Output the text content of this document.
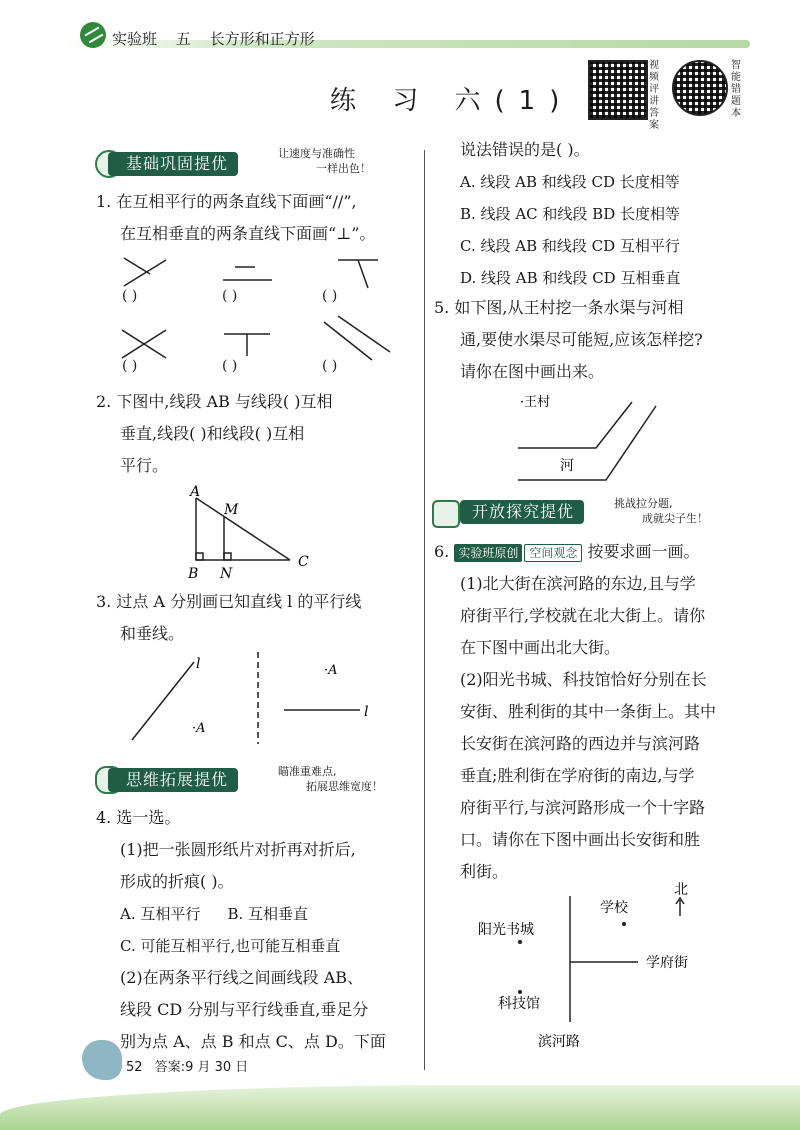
实验班 五 长方形和正方形
练 习 六(1)
视频评讲答案
智能错题本
基础巩固提优
让速度与准确性
一样出色！
1. 在互相平行的两条直线下面画“//”,
在互相垂直的两条直线下面画“⊥”。
( )	( )	( )
( )	( )	( )
2. 下图中,线段 AB 与线段( )互相
垂直,线段( )和线段( )互相
平行。
A
M
B N
C
3. 过点 A 分别画已知直线 l 的平行线
和垂线。
l
·A
·A
l
思维拓展提优	瞄准重难点,
拓展思维宽度！
4. 选一选。
(1)把一张圆形纸片对折再对折后,
形成的折痕( )。
A. 互相平行 B. 互相垂直
C. 可能互相平行,也可能互相垂直
(2)在两条平行线之间画线段 AB、
线段 CD 分别与平行线垂直,垂足分
别为点 A、点 B 和点 C、点 D。下面
说法错误的是( )。
A. 线段 AB 和线段 CD 长度相等
B. 线段 AC 和线段 BD 长度相等
C. 线段 AB 和线段 CD 互相平行
D. 线段 AB 和线段 CD 互相垂直
5. 如下图,从王村挖一条水渠与河相
通,要使水渠尽可能短,应该怎样挖?
请你在图中画出来。
·王村
河
开放探究提优	挑战拉分题,
成就尖子生！
6. 实验班原创 空间观念 按要求画一画。
(1)北大街在滨河路的东边,且与学
府街平行,学校就在北大街上。请你
在下图中画出北大街。
(2)阳光书城、科技馆恰好分别在长
安街、胜利街的其中一条街上。其中
长安街在滨河路的西边并与滨河路
垂直;胜利街在学府街的南边,与学
府街平行,与滨河路形成一个十字路
口。请你在下图中画出长安街和胜
利街。
北
学校
阳光书城
学府街
科技馆
滨河路
52 答案:9 月 30 日
